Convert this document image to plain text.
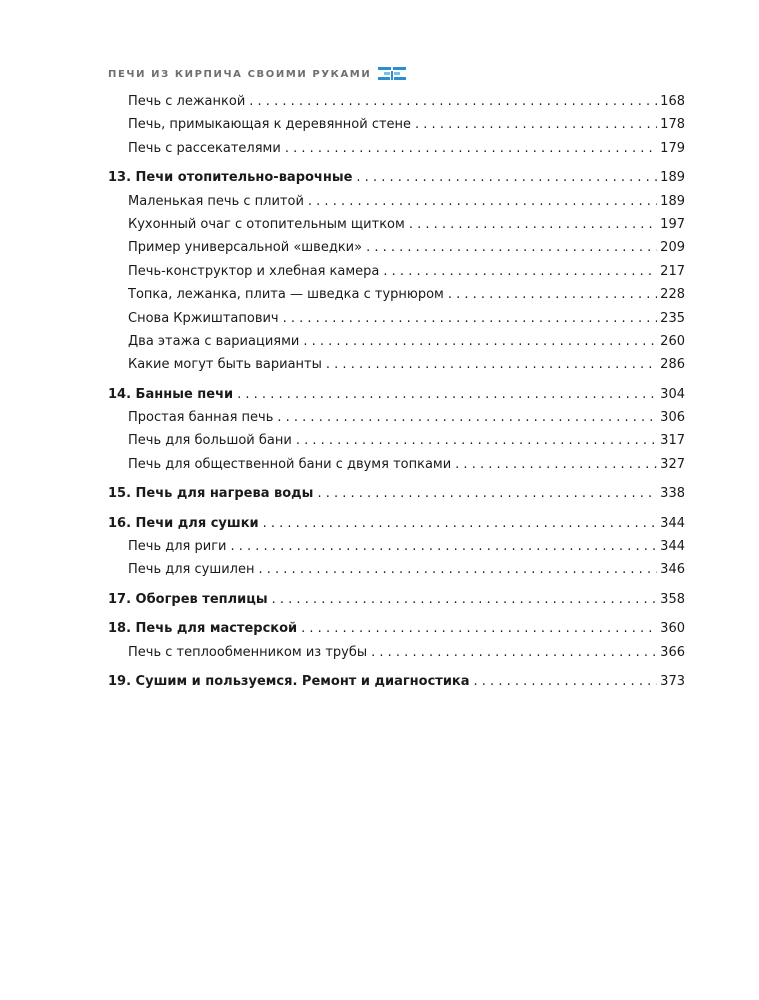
ПЕЧИ ИЗ КИРПИЧА СВОИМИ РУКАМИ
Печь с лежанкой . . .	168
Печь, примыкающая к деревянной стене . . .	178
Печь с рассекателями . . .	179
13. Печи отопительно-варочные . . .	189
Маленькая печь с плитой . . .	189
Кухонный очаг с отопительным щитком . . .	197
Пример универсальной «шведки» . . .	209
Печь-конструктор и хлебная камера . . .	217
Топка, лежанка, плита — шведка с турнюром . . .	228
Снова Кржиштапович . . .	235
Два этажа с вариациями . . .	260
Какие могут быть варианты . . .	286
14. Банные печи . . .	304
Простая банная печь . . .	306
Печь для большой бани . . .	317
Печь для общественной бани с двумя топками . . .	327
15. Печь для нагрева воды . . .	338
16. Печи для сушки . . .	344
Печь для риги . . .	344
Печь для сушилен . . .	346
17. Обогрев теплицы . . .	358
18. Печь для мастерской . . .	360
Печь с теплообменником из трубы . . .	366
19. Сушим и пользуемся. Ремонт и диагностика . . .	373
